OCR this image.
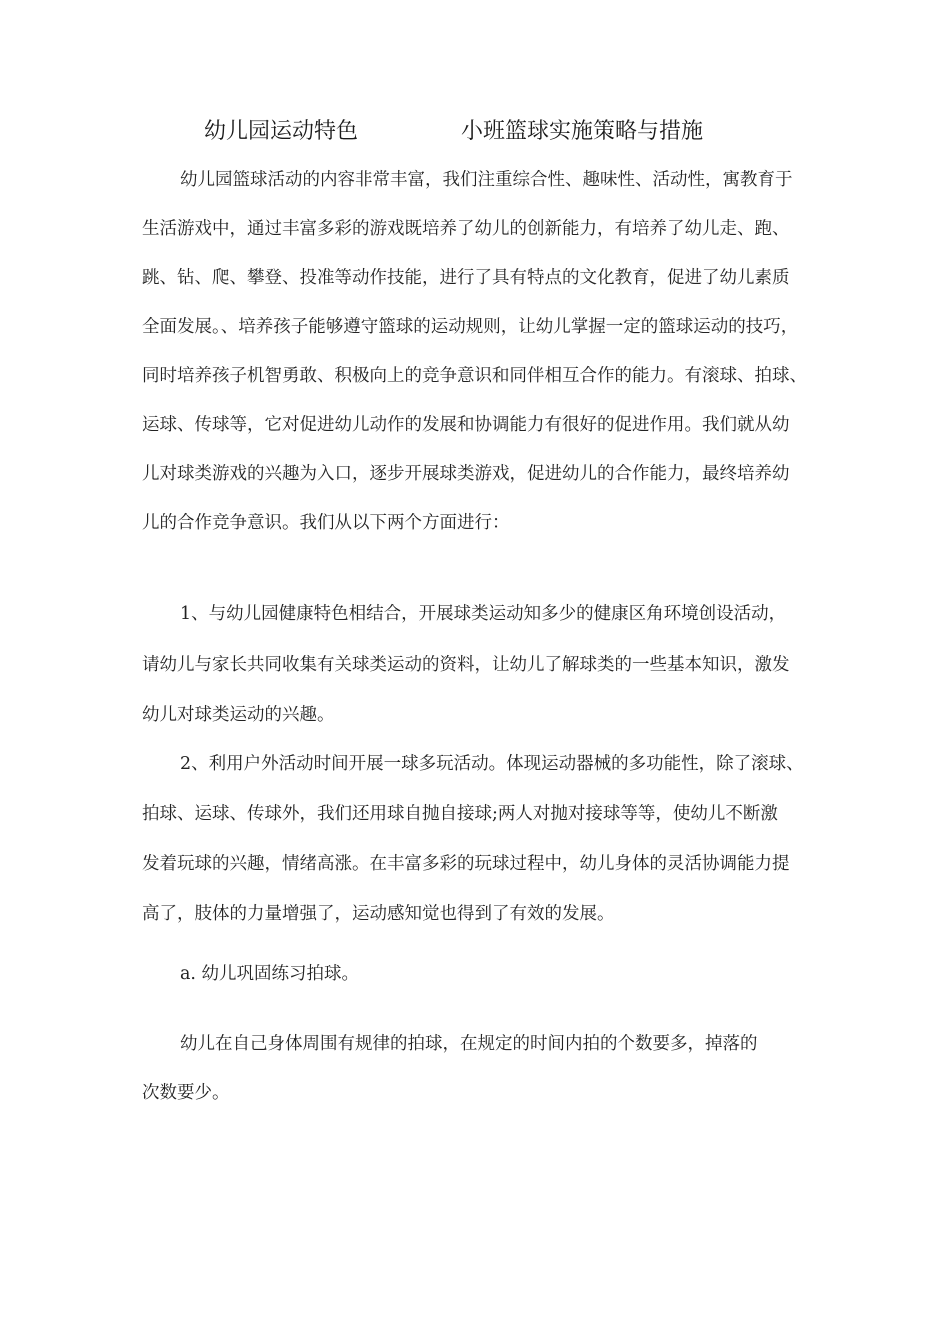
幼儿园运动特色	小班篮球实施策略与措施
幼儿园篮球活动的内容非常丰富，我们注重综合性、趣味性、活动性，寓教育于
生活游戏中，通过丰富多彩的游戏既培养了幼儿的创新能力，有培养了幼儿走、跑、
跳、钻、爬、攀登、投准等动作技能，进行了具有特点的文化教育，促进了幼儿素质
全面发展。、培养孩子能够遵守篮球的运动规则，让幼儿掌握一定的篮球运动的技巧，
同时培养孩子机智勇敢、积极向上的竞争意识和同伴相互合作的能力。有滚球、拍球、
运球、传球等，它对促进幼儿动作的发展和协调能力有很好的促进作用。我们就从幼
儿对球类游戏的兴趣为入口，逐步开展球类游戏，促进幼儿的合作能力，最终培养幼
儿的合作竞争意识。我们从以下两个方面进行：
1、与幼儿园健康特色相结合，开展球类运动知多少的健康区角环境创设活动，
请幼儿与家长共同收集有关球类运动的资料，让幼儿了解球类的一些基本知识，激发
幼儿对球类运动的兴趣。
2、利用户外活动时间开展一球多玩活动。体现运动器械的多功能性，除了滚球、
拍球、运球、传球外，我们还用球自抛自接球;两人对抛对接球等等，使幼儿不断激
发着玩球的兴趣，情绪高涨。在丰富多彩的玩球过程中，幼儿身体的灵活协调能力提
高了，肢体的力量增强了，运动感知觉也得到了有效的发展。
a. 幼儿巩固练习拍球。
幼儿在自己身体周围有规律的拍球，在规定的时间内拍的个数要多，掉落的
次数要少。
